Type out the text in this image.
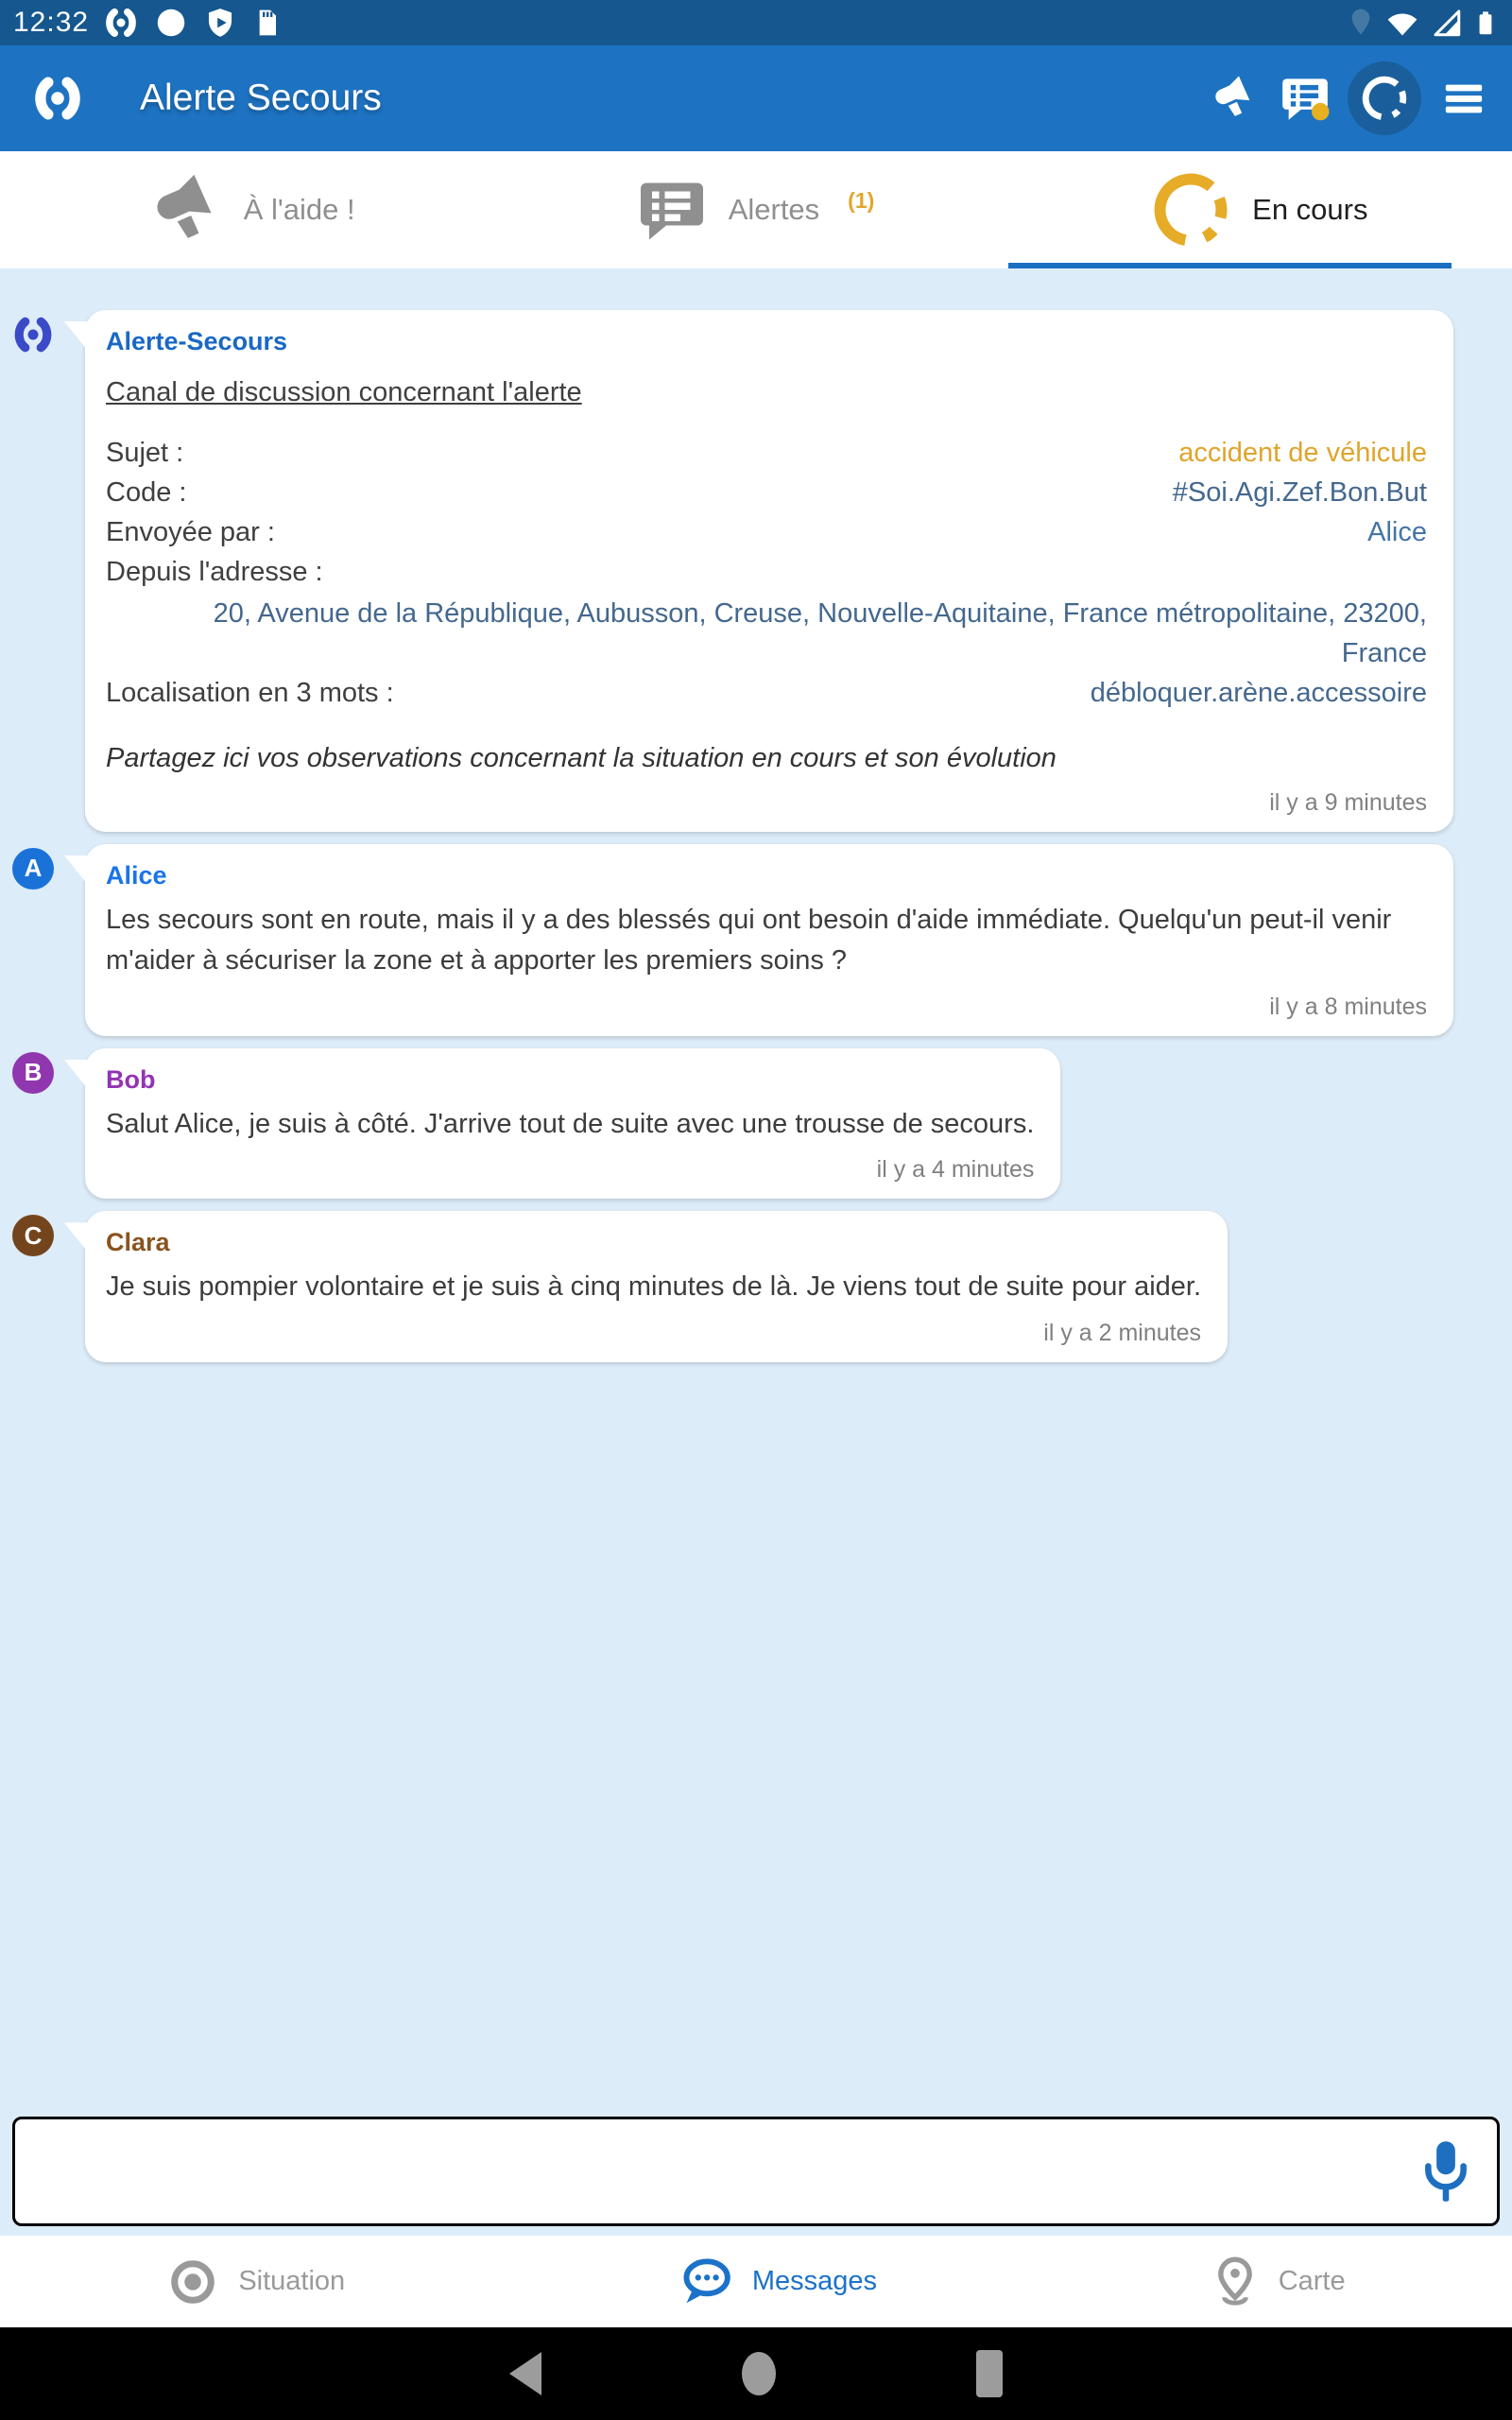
12:32
Alerte Secours
À l'aide !	Alertes (1)	En cours
Alerte-Secours
Canal de discussion concernant l'alerte
Sujet :	accident de véhicule
Code :	#Soi.Agi.Zef.Bon.But
Envoyée par :	Alice
Depuis l'adresse :
20, Avenue de la République, Aubusson, Creuse, Nouvelle-Aquitaine, France métropolitaine, 23200, France
Localisation en 3 mots :	débloquer.arène.accessoire
Partagez ici vos observations concernant la situation en cours et son évolution
il y a 9 minutes
A	Alice

Les secours sont en route, mais il y a des blessés qui ont besoin d'aide immédiate. Quelqu'un peut-il venir m'aider à sécuriser la zone et à apporter les premiers soins ?

il y a 8 minutes
B	Bob

Salut Alice, je suis à côté. J'arrive tout de suite avec une trousse de secours.

il y a 4 minutes
C	Clara

Je suis pompier volontaire et je suis à cinq minutes de là. Je viens tout de suite pour aider.

il y a 2 minutes
Situation	Messages	Carte
